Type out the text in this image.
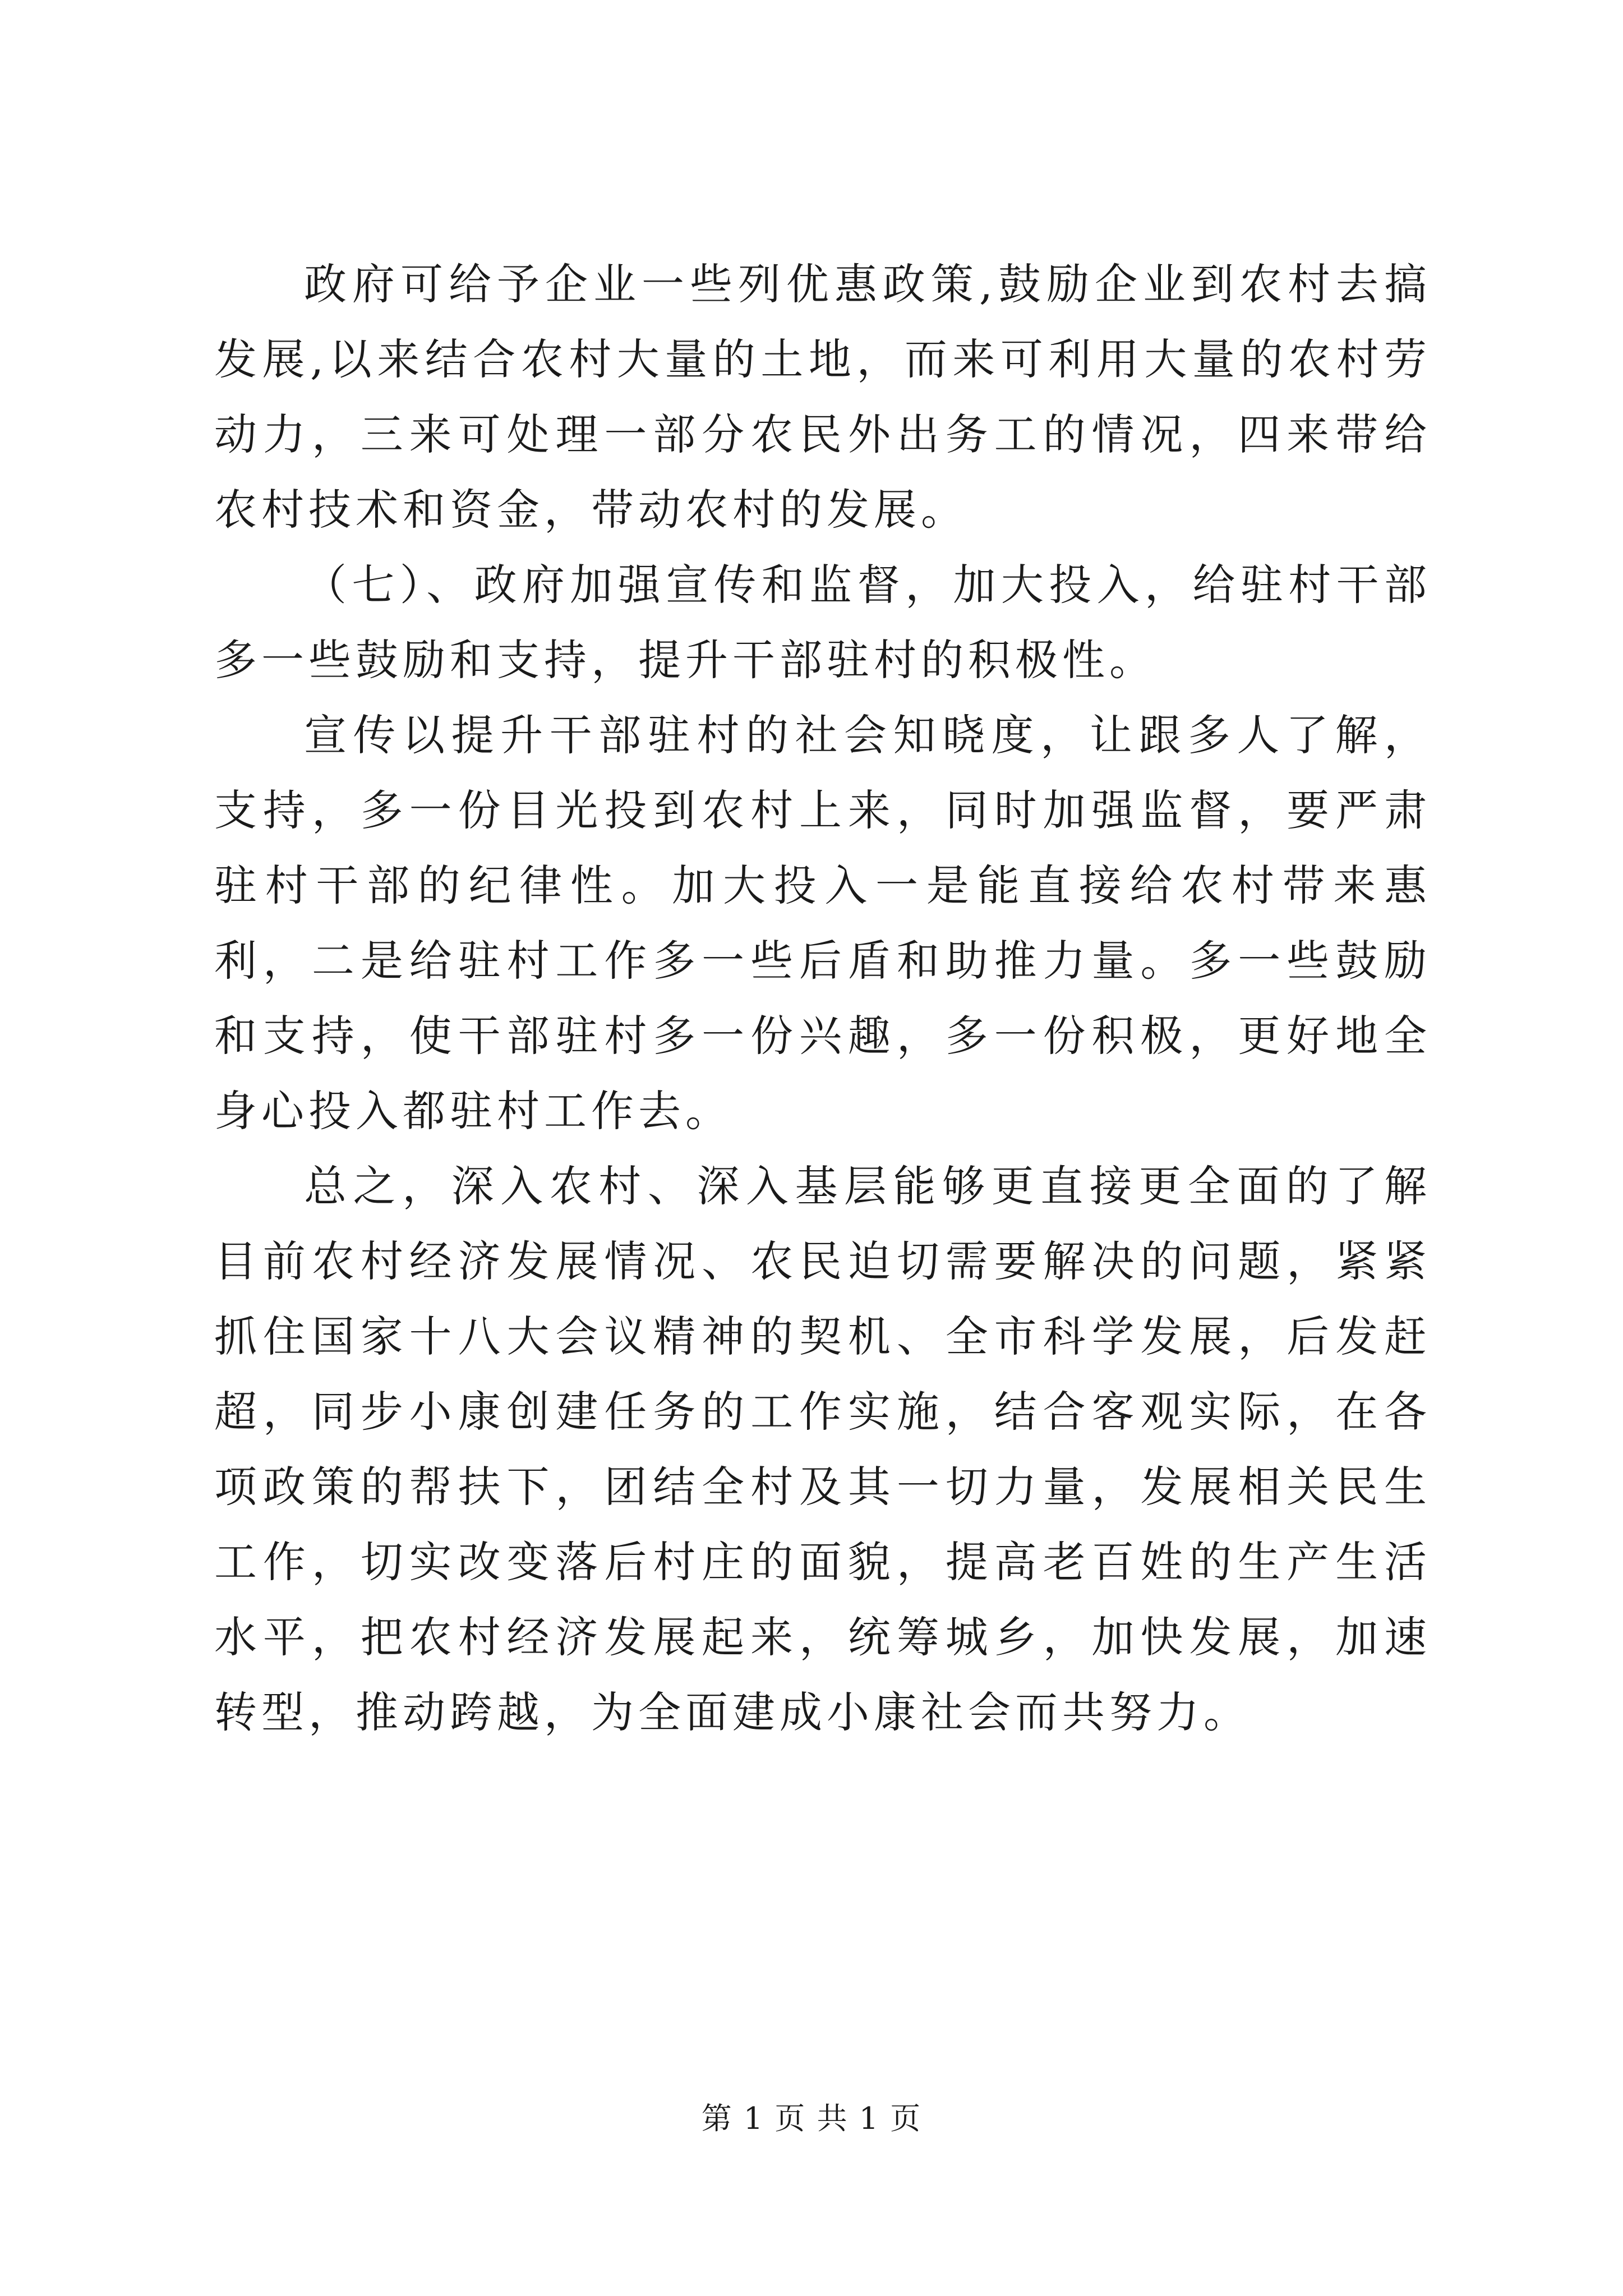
政府可给予企业一些列优惠政策,鼓励企业到农村去搞发展,以来结合农村大量的土地，而来可利用大量的农村劳动力，三来可处理一部分农民外出务工的情况，四来带给农村技术和资金，带动农村的发展。

（七）、政府加强宣传和监督，加大投入，给驻村干部多一些鼓励和支持，提升干部驻村的积极性。

宣传以提升干部驻村的社会知晓度，让跟多人了解，支持，多一份目光投到农村上来，同时加强监督，要严肃驻村干部的纪律性。加大投入一是能直接给农村带来惠利，二是给驻村工作多一些后盾和助推力量。多一些鼓励和支持，使干部驻村多一份兴趣，多一份积极，更好地全身心投入都驻村工作去。

总之，深入农村、深入基层能够更直接更全面的了解目前农村经济发展情况、农民迫切需要解决的问题，紧紧抓住国家十八大会议精神的契机、全市科学发展，后发赶超，同步小康创建任务的工作实施，结合客观实际，在各项政策的帮扶下，团结全村及其一切力量，发展相关民生工作，切实改变落后村庄的面貌，提高老百姓的生产生活水平，把农村经济发展起来，统筹城乡，加快发展，加速转型，推动跨越，为全面建成小康社会而共努力。

第 1 页 共 1 页
